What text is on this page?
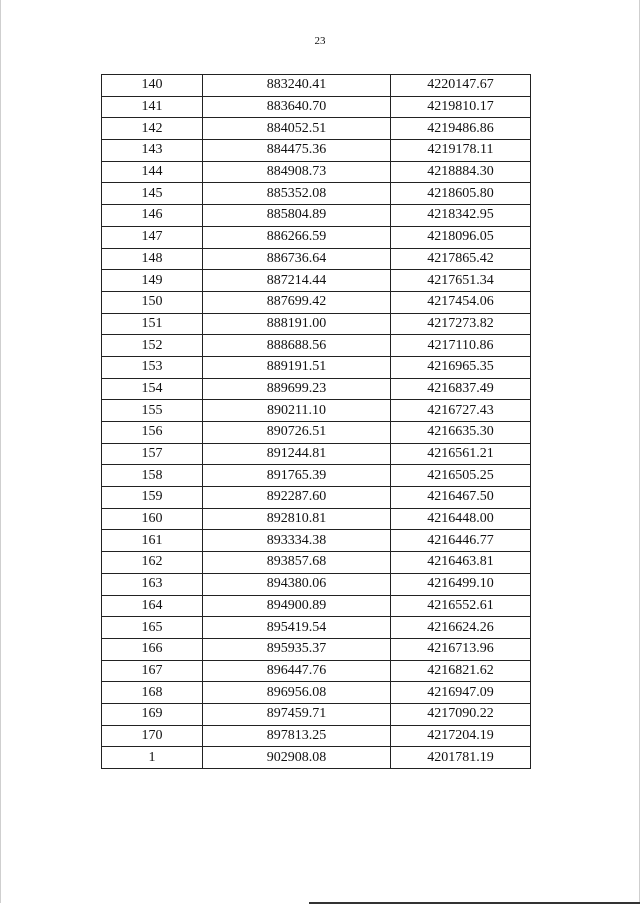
23
140	883240.41	4220147.67
141	883640.70	4219810.17
142	884052.51	4219486.86
143	884475.36	4219178.11
144	884908.73	4218884.30
145	885352.08	4218605.80
146	885804.89	4218342.95
147	886266.59	4218096.05
148	886736.64	4217865.42
149	887214.44	4217651.34
150	887699.42	4217454.06
151	888191.00	4217273.82
152	888688.56	4217110.86
153	889191.51	4216965.35
154	889699.23	4216837.49
155	890211.10	4216727.43
156	890726.51	4216635.30
157	891244.81	4216561.21
158	891765.39	4216505.25
159	892287.60	4216467.50
160	892810.81	4216448.00
161	893334.38	4216446.77
162	893857.68	4216463.81
163	894380.06	4216499.10
164	894900.89	4216552.61
165	895419.54	4216624.26
166	895935.37	4216713.96
167	896447.76	4216821.62
168	896956.08	4216947.09
169	897459.71	4217090.22
170	897813.25	4217204.19
1	902908.08	4201781.19
